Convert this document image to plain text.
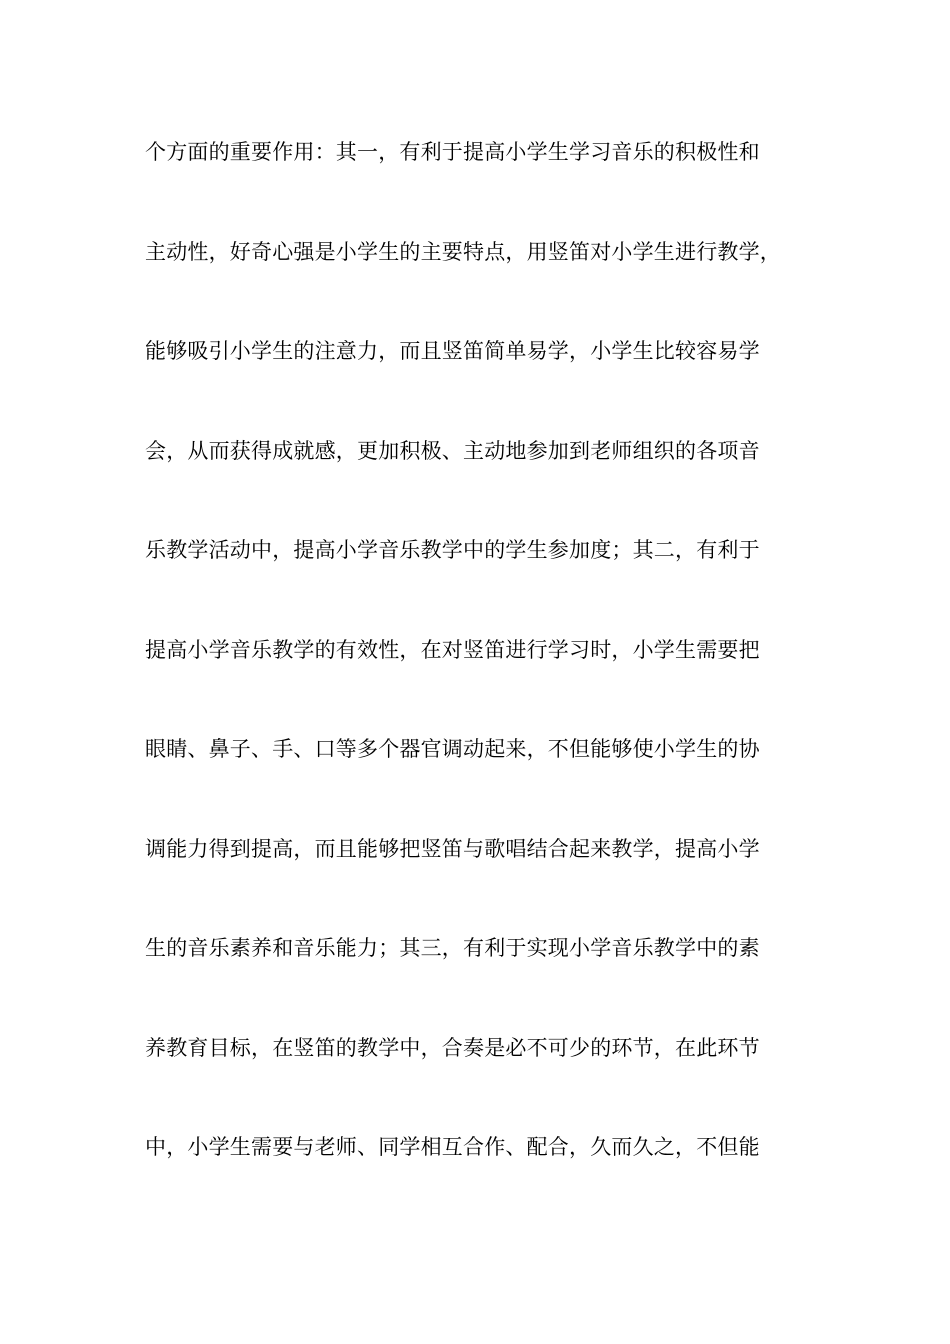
个方面的重要作用：其一，有利于提高小学生学习音乐的积极性和
主动性，好奇心强是小学生的主要特点，用竖笛对小学生进行教学，
能够吸引小学生的注意力，而且竖笛简单易学，小学生比较容易学
会，从而获得成就感，更加积极、主动地参加到老师组织的各项音
乐教学活动中，提高小学音乐教学中的学生参加度；其二，有利于
提高小学音乐教学的有效性，在对竖笛进行学习时，小学生需要把
眼睛、鼻子、手、口等多个器官调动起来，不但能够使小学生的协
调能力得到提高，而且能够把竖笛与歌唱结合起来教学，提高小学
生的音乐素养和音乐能力；其三，有利于实现小学音乐教学中的素
养教育目标，在竖笛的教学中，合奏是必不可少的环节，在此环节
中，小学生需要与老师、同学相互合作、配合，久而久之，不但能
